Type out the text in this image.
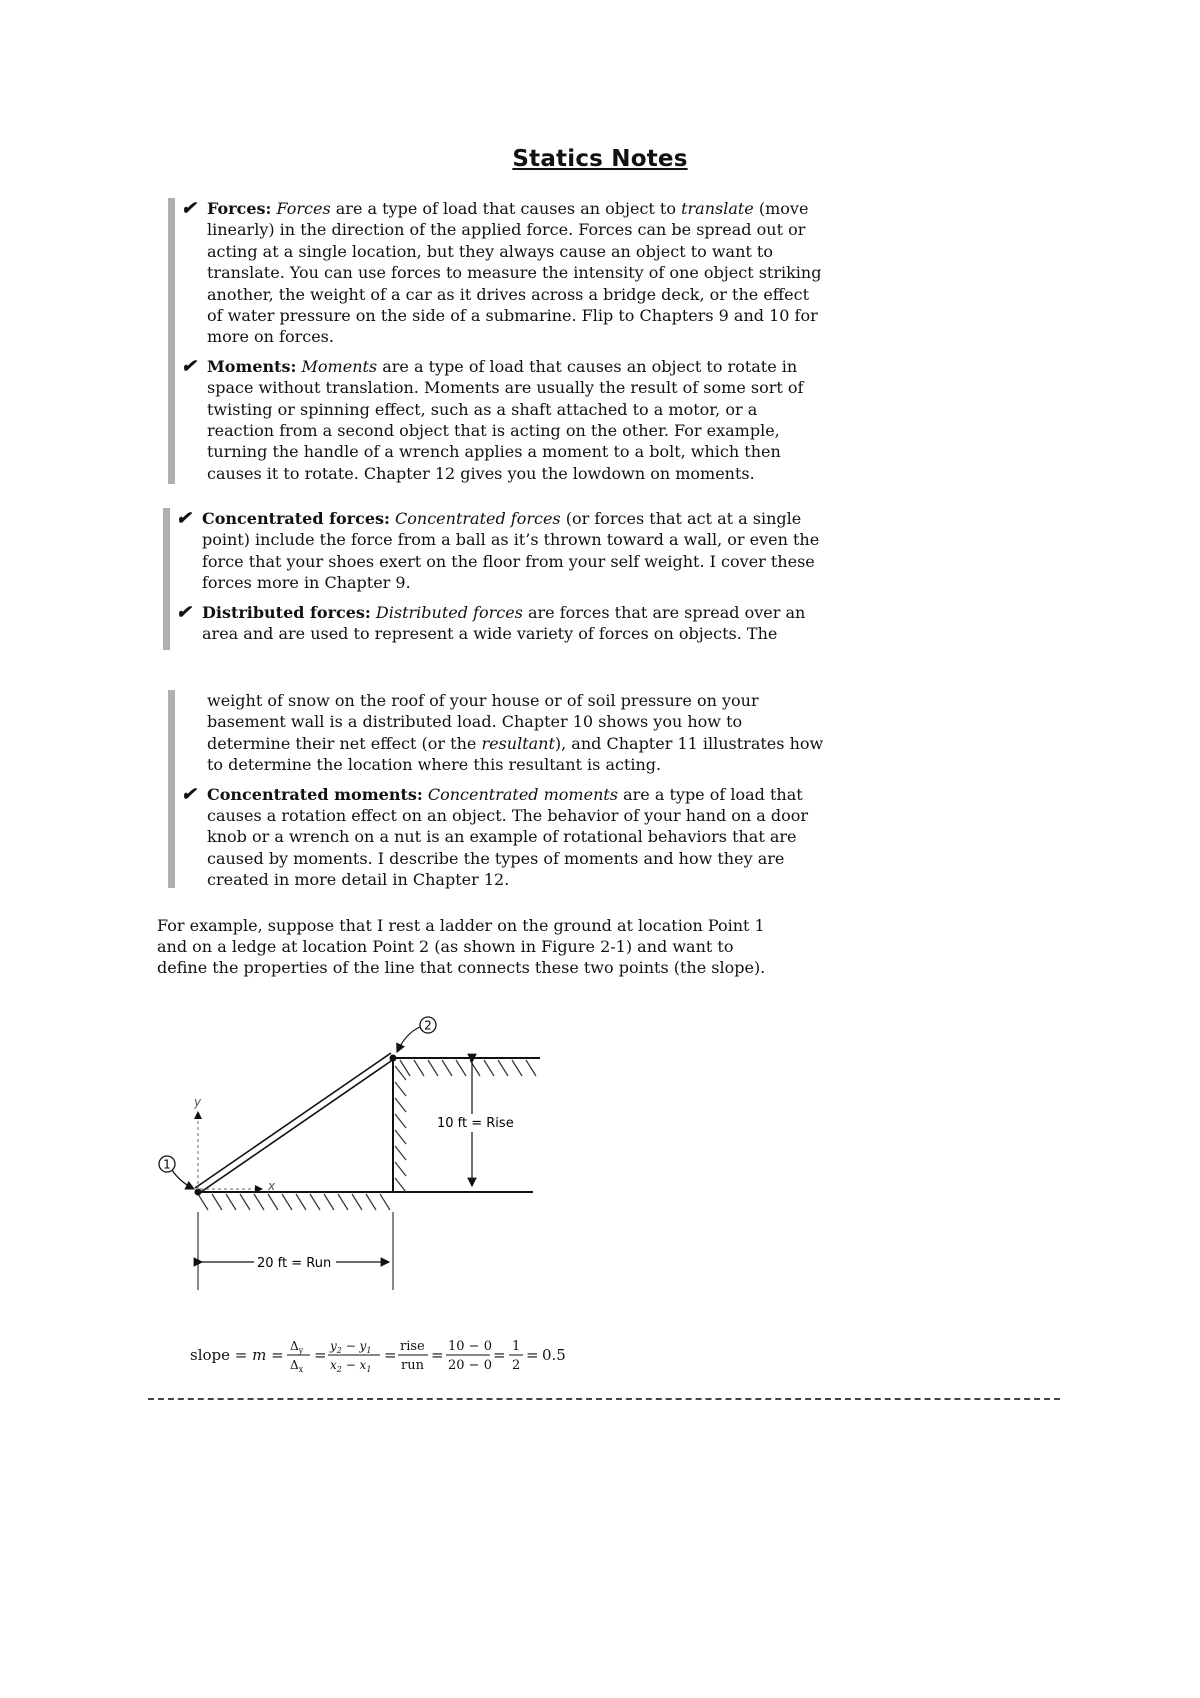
Statics Notes
✔ Forces: Forces are a type of load that causes an object to translate (move linearly) in the direction of the applied force. Forces can be spread out or acting at a single location, but they always cause an object to want to translate. You can use forces to measure the intensity of one object striking another, the weight of a car as it drives across a bridge deck, or the effect of water pressure on the side of a submarine. Flip to Chapters 9 and 10 for more on forces.
✔ Moments: Moments are a type of load that causes an object to rotate in space without translation. Moments are usually the result of some sort of twisting or spinning effect, such as a shaft attached to a motor, or a reaction from a second object that is acting on the other. For example, turning the handle of a wrench applies a moment to a bolt, which then causes it to rotate. Chapter 12 gives you the lowdown on moments.
✔ Concentrated forces: Concentrated forces (or forces that act at a single point) include the force from a ball as it’s thrown toward a wall, or even the force that your shoes exert on the floor from your self weight. I cover these forces more in Chapter 9.
✔ Distributed forces: Distributed forces are forces that are spread over an area and are used to represent a wide variety of forces on objects. The
weight of snow on the roof of your house or of soil pressure on your basement wall is a distributed load. Chapter 10 shows you how to determine their net effect (or the resultant), and Chapter 11 illustrates how to determine the location where this resultant is acting.
✔ Concentrated moments: Concentrated moments are a type of load that causes a rotation effect on an object. The behavior of your hand on a door knob or a wrench on a nut is an example of rotational behaviors that are caused by moments. I describe the types of moments and how they are created in more detail in Chapter 12.
For example, suppose that I rest a ladder on the ground at location Point 1 and on a ledge at location Point 2 (as shown in Figure 2-1) and want to define the properties of the line that connects these two points (the slope).
1
2
y
x
10 ft = Rise
20 ft = Run
slope = $m = \Delta_y$
$\Delta_x$
= $y_2 - y_1$
$x_2 - x_1$
= rise
run
= 10 − 0
20 − 0
= 1
2
= 0.5
